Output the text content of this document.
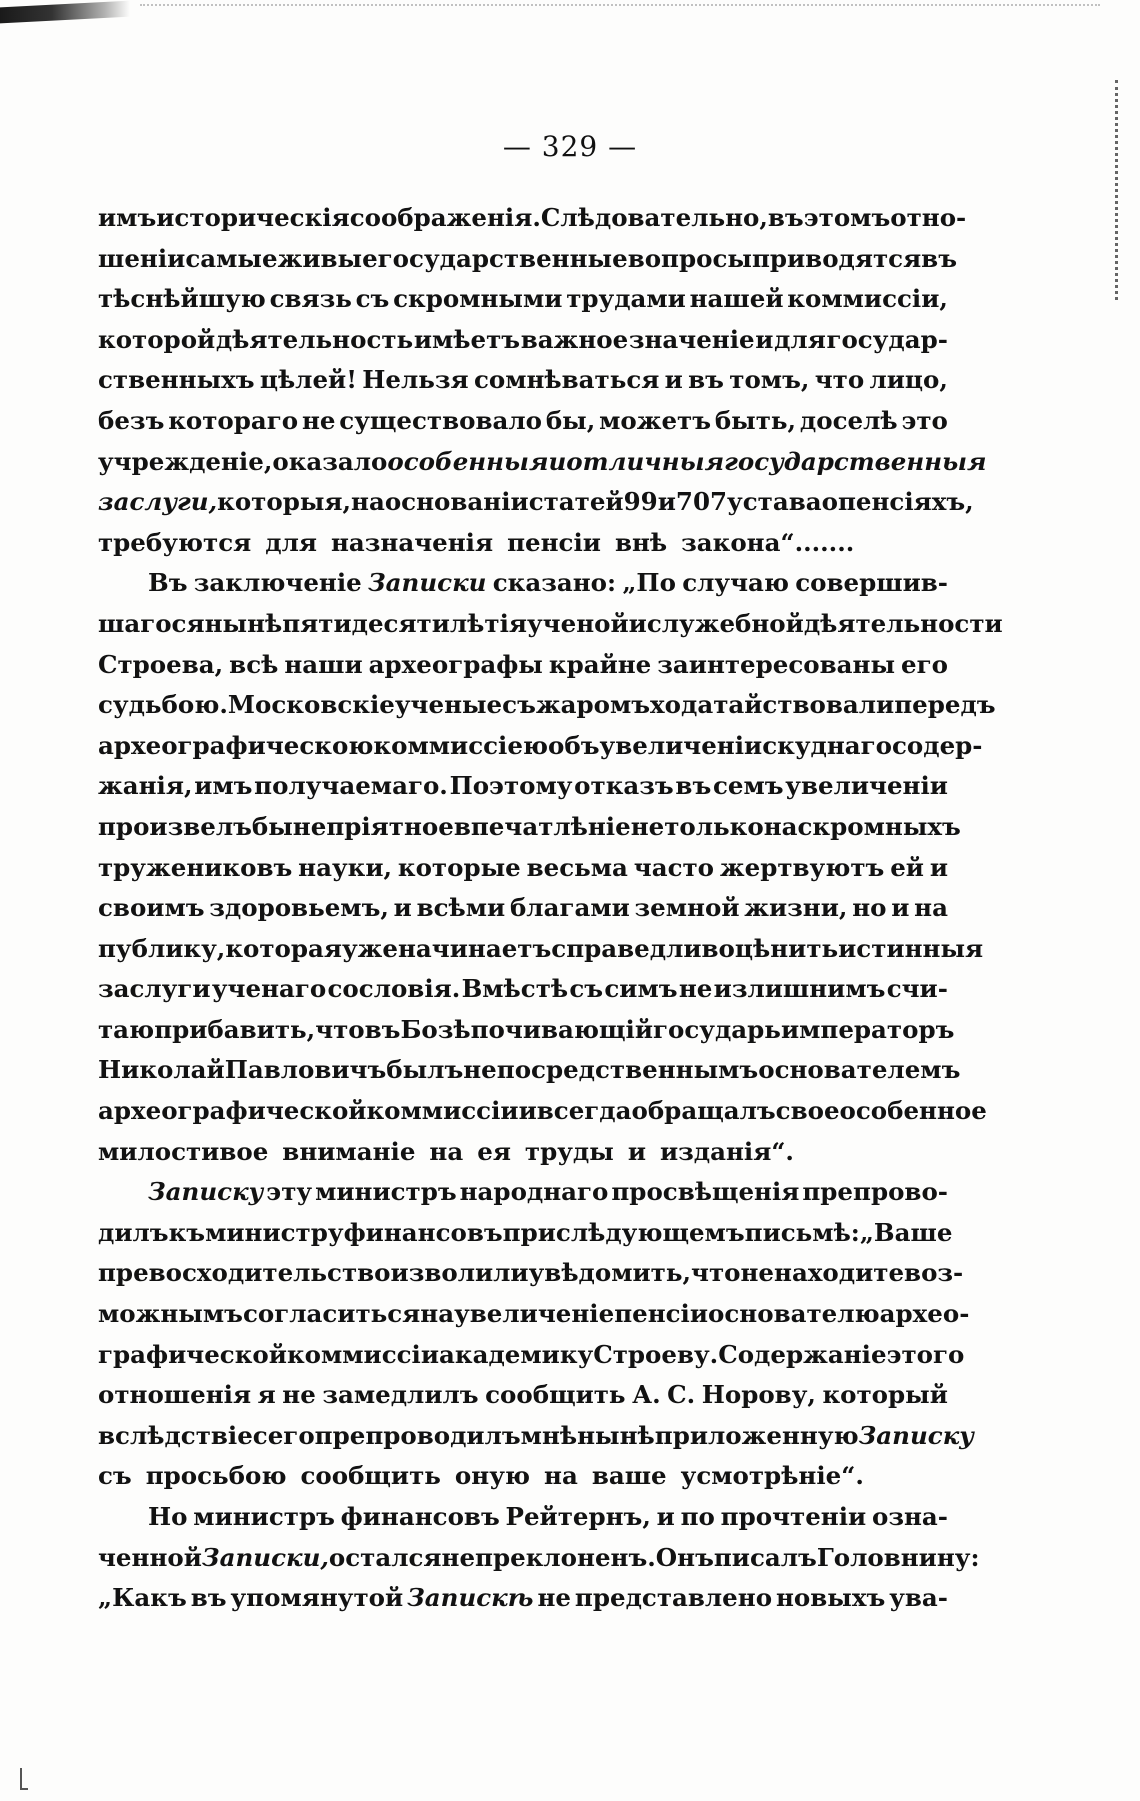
— 329 —
имъ историческія соображенія. Слѣдовательно, въ этомъ отно-
шеніи самые живые государственные вопросы приводятся въ
тѣснѣйшую связь съ скромными трудами нашей коммиссіи,
которой дѣятельность имѣетъ важное значеніе и для государ-
ственныхъ цѣлей! Нельзя сомнѣваться и въ томъ, что лицо,
безъ котораго не существовало бы, можетъ быть, доселѣ это
учрежденіе, оказало особенныя и отличныя государственныя
заслуги, которыя, на основаніи статей 99 и 707 устава о пенсіяхъ,
требуются для назначенія пенсіи внѣ закона“.......
Въ заключеніе Записки сказано: „По случаю совершив-
шагося нынѣ пятидесятилѣтія ученой и служебной дѣятельности
Строева, всѣ наши археографы крайне заинтересованы его
судьбою. Московскіе ученые съ жаромъ ходатайствовали передъ
археографическою коммиссіею объ увеличеніи скуднаго содер-
жанія, имъ получаемаго. Поэтому отказъ въ семъ увеличеніи
произвелъ бы непріятное впечатлѣніе не только на скромныхъ
тружениковъ науки, которые весьма часто жертвуютъ ей и
своимъ здоровьемъ, и всѣми благами земной жизни, но и на
публику, которая уже начинаетъ справедливо цѣнить истинныя
заслуги ученаго сословія. Вмѣстѣ съ симъ не излишнимъ счи-
таю прибавить, что въ Бозѣ почивающій государь императоръ
Николай Павловичъ былъ непосредственнымъ основателемъ
археографической коммиссіи и всегда обращалъ свое особенное
милостивое вниманіе на ея труды и изданія“.
Записку эту министръ народнаго просвѣщенія препрово-
дилъ къ министру финансовъ при слѣдующемъ письмѣ: „Ваше
превосходительство изволили увѣдомить, что не находите воз-
можнымъ согласиться на увеличеніе пенсіи основателю архео-
графической коммиссіи академику Строеву. Содержаніе этого
отношенія я не замедлилъ сообщить А. С. Норову, который
вслѣдствіе сего препроводилъ мнѣ нынѣ приложенную Записку
съ просьбою сообщить оную на ваше усмотрѣніе“.
Но министръ финансовъ Рейтернъ, и по прочтеніи озна-
ченной Записки, остался непреклоненъ. Онъ писалъ Головнину:
„Какъ въ упомянутой Запискѣ не представлено новыхъ ува-
